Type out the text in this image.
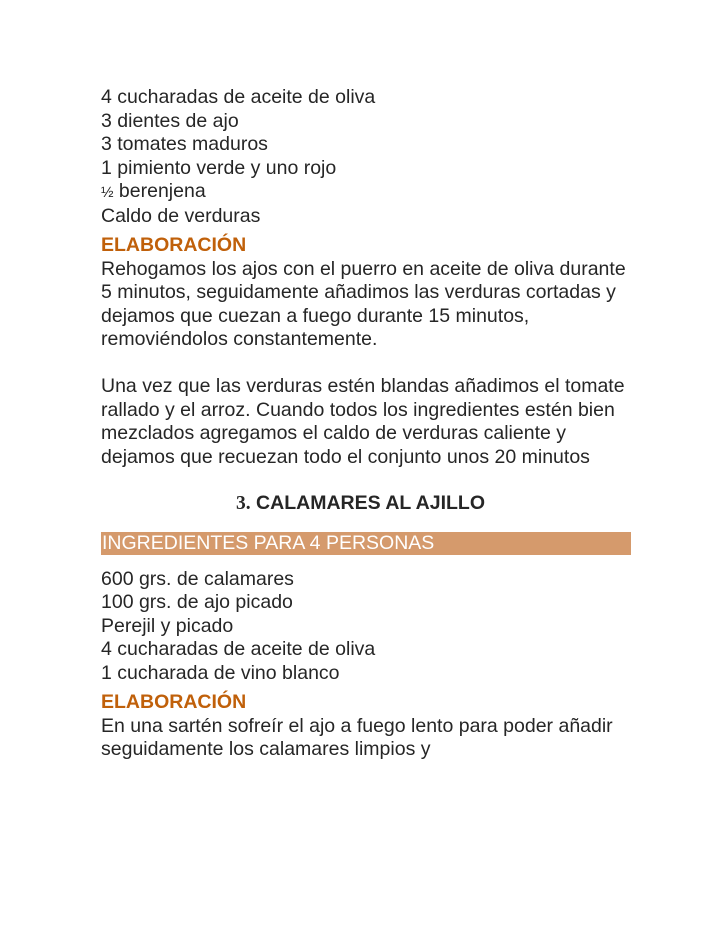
4 cucharadas de aceite de oliva
3 dientes de ajo
3 tomates maduros
1 pimiento verde y uno rojo
½ berenjena
Caldo de verduras
ELABORACIÓN
Rehogamos los ajos con el puerro en aceite de oliva durante 5 minutos, seguidamente añadimos las verduras cortadas y dejamos que cuezan a fuego durante 15 minutos, removiéndolos constantemente.
Una vez que las verduras estén blandas añadimos el tomate rallado y el arroz. Cuando todos los ingredientes estén bien mezclados agregamos el caldo de verduras caliente y dejamos que recuezan todo el conjunto unos 20 minutos
3. CALAMARES AL AJILLO
INGREDIENTES PARA 4 PERSONAS
600 grs. de calamares
100 grs. de ajo picado
Perejil y picado
4 cucharadas de aceite de oliva
1 cucharada de vino blanco
ELABORACIÓN
En una sartén sofreír el ajo a fuego lento para poder añadir seguidamente los calamares limpios y
